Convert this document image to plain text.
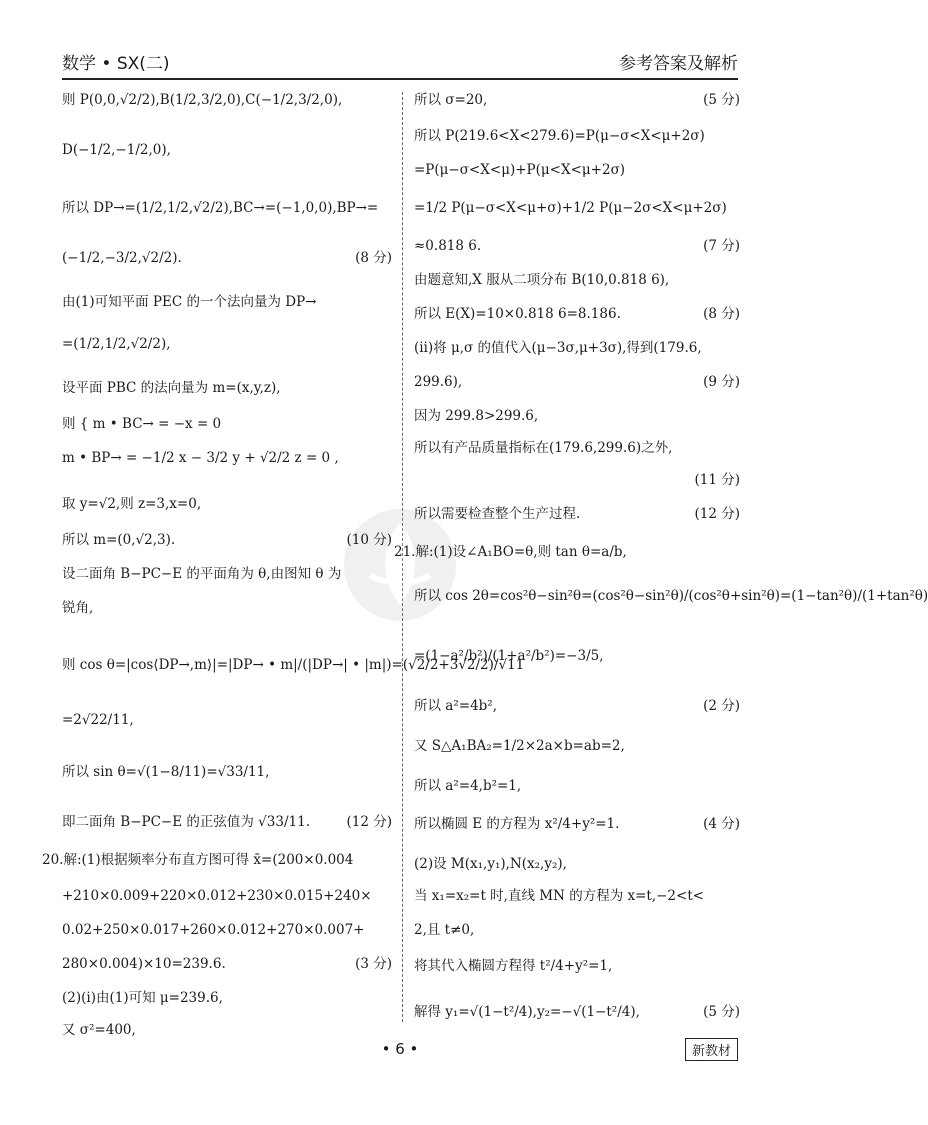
数学 • SX(二)	参考答案及解析
则 P(0,0,√2/2),B(1/2,3/2,0),C(−1/2,3/2,0),
D(−1/2,−1/2,0),
所以 DP→=(1/2,1/2,√2/2),BC→=(−1,0,0),BP→=
(−1/2,−3/2,√2/2).	(8 分)
由(1)可知平面 PEC 的一个法向量为 DP→
=(1/2,1/2,√2/2),
设平面 PBC 的法向量为 m=(x,y,z),
则 { m • BC→ = −x = 0
m • BP→ = −1/2 x − 3/2 y + √2/2 z = 0 ,
取 y=√2,则 z=3,x=0,
所以 m=(0,√2,3).	(10 分)
设二面角 B−PC−E 的平面角为 θ,由图知 θ 为
锐角,
则 cos θ=|cos⟨DP→,m⟩|=|DP→ • m|/(|DP→| • |m|)=(√2/2+3√2/2)/√11
=2√22/11,
所以 sin θ=√(1−8/11)=√33/11,
即二面角 B−PC−E 的正弦值为 √33/11.	(12 分)
20.解:(1)根据频率分布直方图可得 x̄=(200×0.004
+210×0.009+220×0.012+230×0.015+240×
0.02+250×0.017+260×0.012+270×0.007+
280×0.004)×10=239.6.	(3 分)
(2)(ⅰ)由(1)可知 μ=239.6,
又 σ²=400,
所以 σ=20,	(5 分)
所以 P(219.6<X<279.6)=P(μ−σ<X<μ+2σ)
=P(μ−σ<X<μ)+P(μ<X<μ+2σ)
=1/2 P(μ−σ<X<μ+σ)+1/2 P(μ−2σ<X<μ+2σ)
≈0.818 6.	(7 分)
由题意知,X 服从二项分布 B(10,0.818 6),
所以 E(X)=10×0.818 6=8.186.	(8 分)
(ⅱ)将 μ,σ 的值代入(μ−3σ,μ+3σ),得到(179.6,
299.6),	(9 分)
因为 299.8>299.6,
所以有产品质量指标在(179.6,299.6)之外,
(11 分)
所以需要检查整个生产过程.	(12 分)
21.解:(1)设∠A₁BO=θ,则 tan θ=a/b,
所以 cos 2θ=cos²θ−sin²θ=(cos²θ−sin²θ)/(cos²θ+sin²θ)=(1−tan²θ)/(1+tan²θ)
=(1−a²/b²)/(1+a²/b²)=−3/5,
所以 a²=4b²,	(2 分)
又 S△A₁BA₂=1/2×2a×b=ab=2,
所以 a²=4,b²=1,
所以椭圆 E 的方程为 x²/4+y²=1.	(4 分)
(2)设 M(x₁,y₁),N(x₂,y₂),
当 x₁=x₂=t 时,直线 MN 的方程为 x=t,−2<t<
2,且 t≠0,
将其代入椭圆方程得 t²/4+y²=1,
解得 y₁=√(1−t²/4),y₂=−√(1−t²/4),	(5 分)
• 6 •	新教材
